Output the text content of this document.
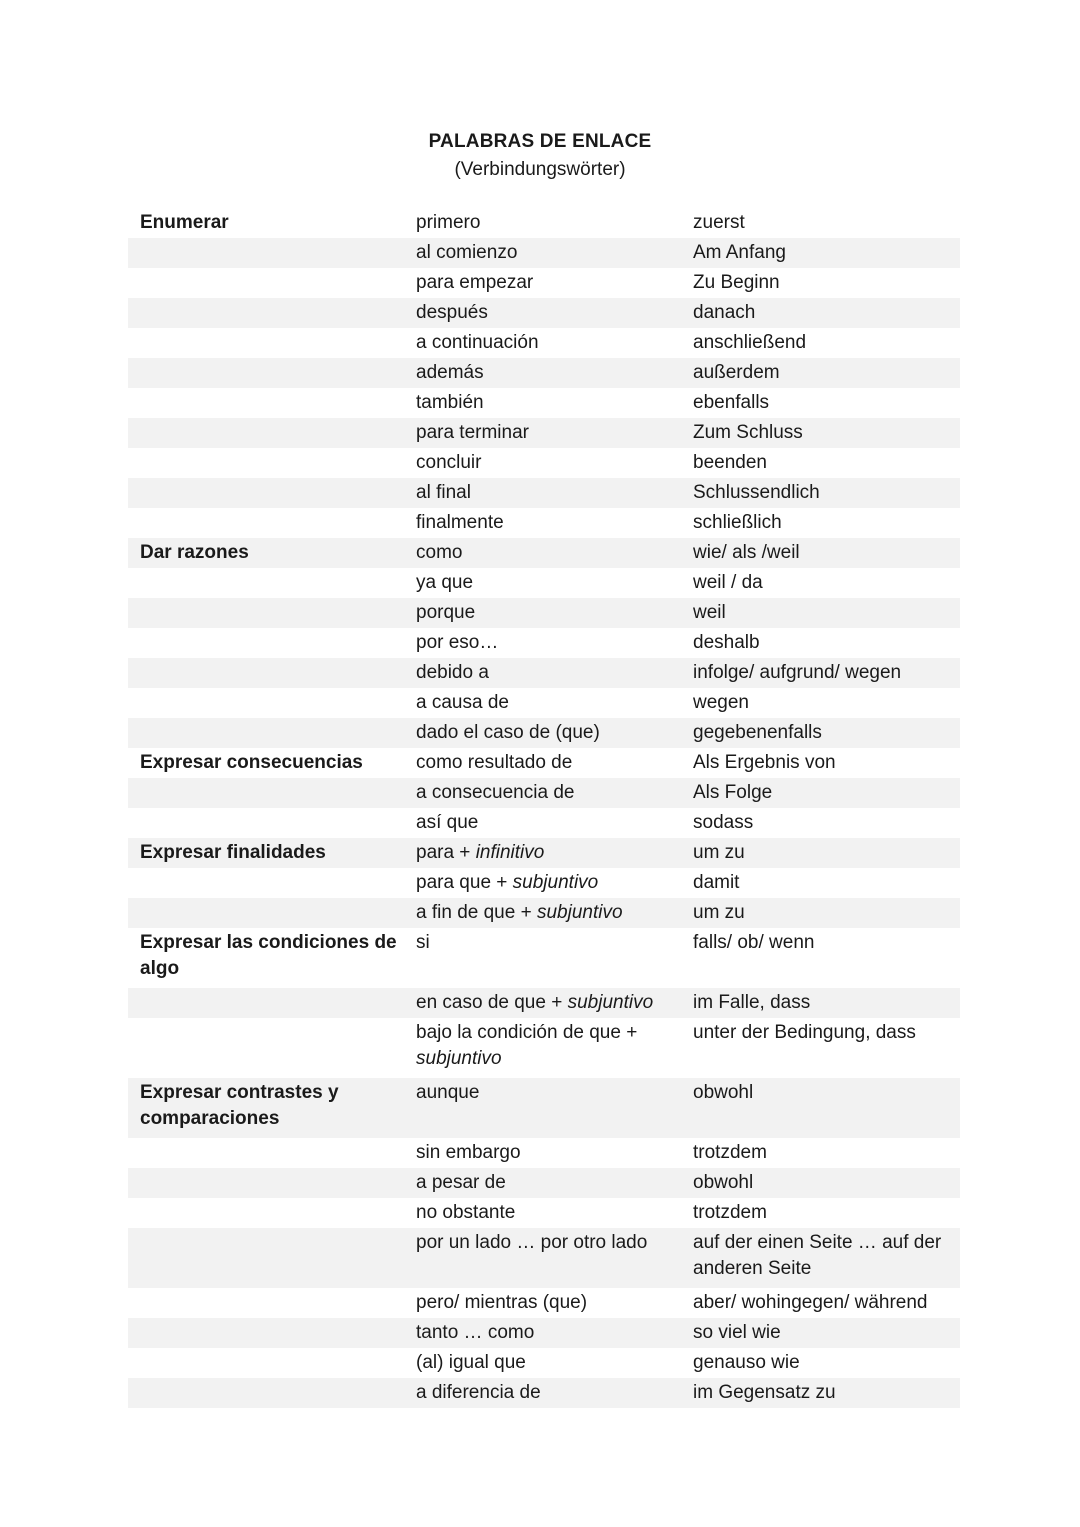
PALABRAS DE ENLACE
(Verbindungswörter)
Enumerar	primero	zuerst
	al comienzo	Am Anfang
	para empezar	Zu Beginn
	después	danach
	a continuación	anschließend
	además	außerdem
	también	ebenfalls
	para terminar	Zum Schluss
	concluir	beenden
	al final	Schlussendlich
	finalmente	schließlich
Dar razones	como	wie/ als /weil
	ya que	weil / da
	porque	weil
	por eso…	deshalb
	debido a	infolge/ aufgrund/ wegen
	a causa de	wegen
	dado el caso de (que)	gegebenenfalls
Expresar consecuencias	como resultado de	Als Ergebnis von
	a consecuencia de	Als Folge
	así que	sodass
Expresar finalidades	para + infinitivo	um zu
	para que + subjuntivo	damit
	a fin de que + subjuntivo	um zu
Expresar las condiciones de algo	si	falls/ ob/ wenn
	en caso de que + subjuntivo	im Falle, dass
	bajo la condición de que + subjuntivo	unter der Bedingung, dass
Expresar contrastes y comparaciones	aunque	obwohl
	sin embargo	trotzdem
	a pesar de	obwohl
	no obstante	trotzdem
	por un lado … por otro lado	auf der einen Seite … auf der anderen Seite
	pero/ mientras (que)	aber/ wohingegen/ während
	tanto … como	so viel wie
	(al) igual que	genauso wie
	a diferencia de	im Gegensatz zu
